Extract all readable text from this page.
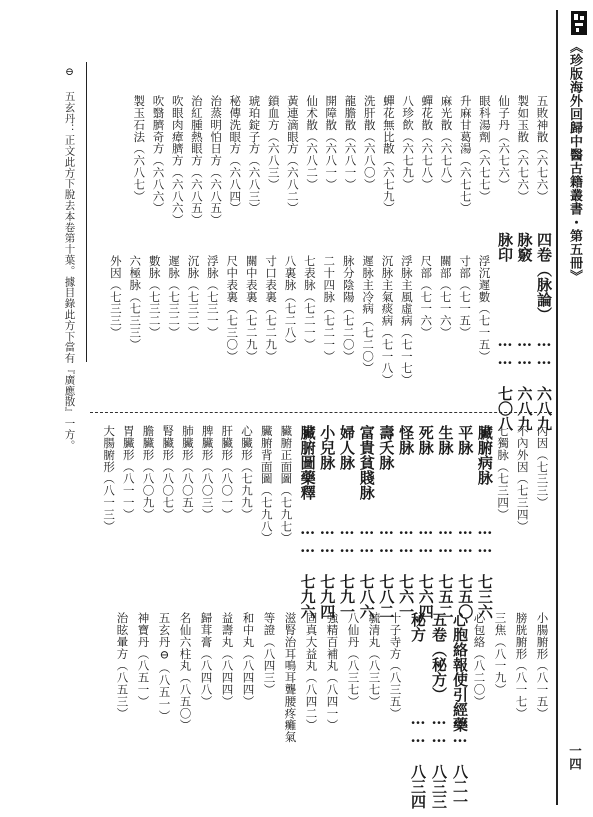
《珍版海外回歸中醫古籍叢書・第五冊》
一四
小腸腑形（八一五）
膀胱腑形（八一七）
三焦（八一九）
心包絡（八二〇）
心胞絡報使引經藥
…… 八二一
五卷（秘方）
…… 八三三
秘方
…… 八三四
十子寺方（八三五）
毓清丸（八三七）
八仙丹（八三七）
強精百補丸（八四一）
固真大益丸（八四二）
滋腎治耳鳴耳聾腰疼癱氣
等證（八四三）
和中丸（八四四）
益壽丸（八四四）
歸茸膏（八四八）
名仙六柱丸（八五〇）
五玄丹⊖（八五一）
神寶丹（八五一）
治眩暈方（八五三）
內因（七三三）
不內外因（七三四）
七獨脉（七三四）
臟腑病脉
…… 七三六
平脉
…… 七五〇
生脉
…… 七五二
死脉
…… 七六四
怪脉
…… 七六一
壽夭脉
…… 七八二
富貴貧賤脉
…… 七八六
婦人脉
…… 七九一
小兒脉
…… 七九四
臟腑圖藥釋
…… 七九六
臟腑正面圖（七九七）
臟腑背面圖（七九八）
心臟形（七九九）
肝臟形（八〇一）
脾臟形（八〇三）
肺臟形（八〇五）
腎臟形（八〇七）
膽臟形（八〇九）
胃臟形（八一一）
大腸腑形（八一三）
四卷（脉論）
…… 六八九
脉竅
…… 六八九
脉印
…… 七〇八
浮沉遲數（七一五）
寸部（七一五）
關部（七一六）
尺部（七一六）
浮脉主風虛病（七一七）
沉脉主氣痰病（七一八）
遲脉主冷病（七二〇）
脉分陰陽（七二〇）
二十四脉（七二一）
七表脉（七二一）
八裏脉（七二八）
寸口表裏（七二九）
關中表裏（七二九）
尺中表裏（七三〇）
浮脉（七三一）
沉脉（七三二）
遲脉（七三二）
數脉（七三二）
六極脉（七三三）
外因（七三三）
五敗神散（六七六）
製如玉散（六七六）
仙子丹（六七六）
眼科湯劑（六七七）
升麻甘葛湯（六七七）
麻光散（六七八）
蟬花散（六七八）
八珍飲（六七九）
蟬花無比散（六七九）
洗肝散（六八〇）
龍膽散（六八一）
開障散（六八一）
仙术散（六八二）
黃連滴眼方（六八二）
鎖血方（六八三）
琥珀錠子方（六八三）
秘傳洗眼方（六八四）
治蒸明怕日方（六八五）
治紅腫熱眼方（六八五）
吹眼肉瘴臍方（六八六）
吹翳臍奇方（六八六）
製玉石法（六八七）
⊖ 五玄丹：正文此方下脫去本卷第十葉。據目錄此方下當有『廣應散』一方。
